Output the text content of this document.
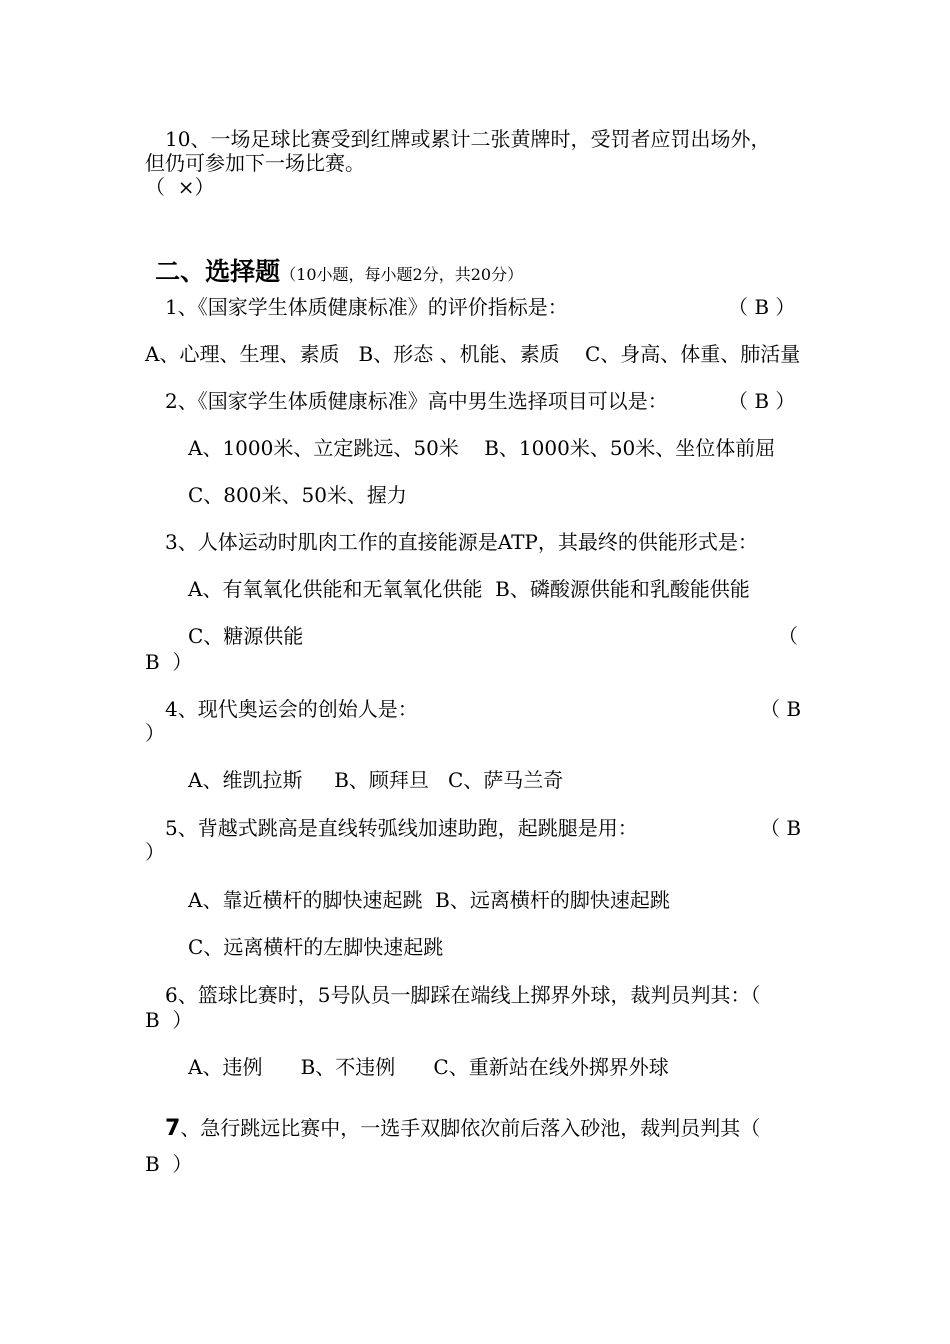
10、一场足球比赛受到红牌或累计二张黄牌时，受罚者应罚出场外，
但仍可参加下一场比赛。
（  ×）

二、选择题（10小题，每小题2分，共20分）

1、《国家学生体质健康标准》的评价指标是：	（ B ）
A、心理、生理、素质   B、形态 、机能、素质    C、身高、体重、肺活量
2、《国家学生体质健康标准》高中男生选择项目可以是：	（ B ）
A、1000米、立定跳远、50米    B、1000米、50米、坐位体前屈
C、800米、50米、握力
3、人体运动时肌肉工作的直接能源是ATP，其最终的供能形式是：
A、有氧氧化供能和无氧氧化供能  B、磷酸源供能和乳酸能供能
C、糖源供能	（
B  ）
4、现代奥运会的创始人是：	（ B
）
A、维凯拉斯     B、顾拜旦   C、萨马兰奇
5、背越式跳高是直线转弧线加速助跑，起跳腿是用：	（ B
）
A、靠近横杆的脚快速起跳  B、远离横杆的脚快速起跳
C、远离横杆的左脚快速起跳
6、篮球比赛时，5号队员一脚踩在端线上掷界外球，裁判员判其：（
B  ）
A、违例      B、不违例      C、重新站在线外掷界外球
7、急行跳远比赛中，一选手双脚依次前后落入砂池，裁判员判其（
B  ）
